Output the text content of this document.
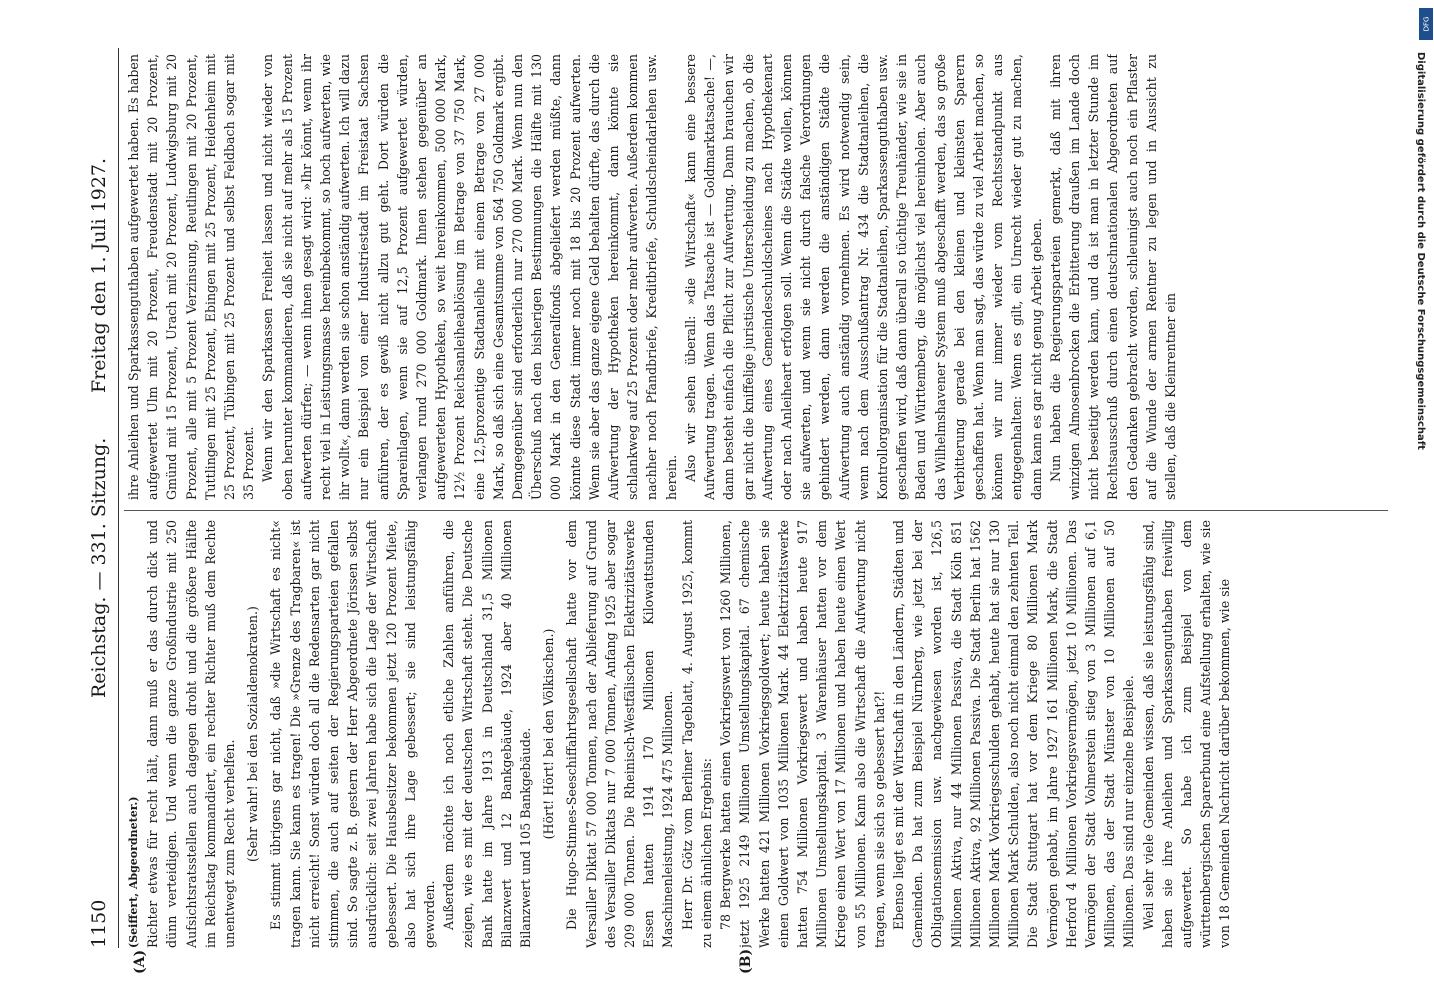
1150
Reichstag. — 331. Sitzung.
Freitag den 1. Juli 1927.

(Seiffert, Abgeordneter.) Richter etwas für recht hält, dann muß er das durch dick und dünn verteidigen. Und wenn die ganze Großindustrie mit 250 Aufsichtsratsstellen auch dagegen droht und die größere Hälfte im Reichstag kommandiert, ein rechter Richter muß dem Rechte unentwegt zum Recht verhelfen. (Sehr wahr! bei den Sozialdemokraten.) Es stimmt übrigens gar nicht, daß »die Wirtschaft es nicht« tragen kann. Sie kann es tragen! Die »Grenze des Tragbaren« ist nicht erreicht! Sonst würden doch all die Redensarten gar nicht stimmen, die auch auf seiten der Regierungsparteien gefallen sind. So sagte z. B. gestern der Herr Abgeordnete Jörissen selbst ausdrücklich: seit zwei Jahren habe sich die Lage der Wirtschaft gebessert. Die Hausbesitzer bekommen jetzt 120 Prozent Miete, also hat sich ihre Lage gebessert; sie sind leistungsfähig geworden. Außerdem möchte ich noch etliche Zahlen anführen, die zeigen, wie es mit der deutschen Wirtschaft steht. Die Deutsche Bank hatte im Jahre 1913 in Deutschland 31,5 Millionen Bilanzwert und 12 Bankgebäude, 1924 aber 40 Millionen Bilanzwert und 105 Bankgebäude. (Hört! Hört! bei den Völkischen.) Die Hugo-Stinnes-Seeschiffahrtsgesellschaft hatte vor dem Versailler Diktat 57 000 Tonnen, nach der Ablieferung auf Grund des Versailler Diktats nur 7 000 Tonnen, Anfang 1925 aber sogar 209 000 Tonnen. Die Rheinisch-Westfälischen Elektrizitätswerke Essen hatten 1914 170 Millionen Kilowattstunden Maschinenleistung, 1924 475 Millionen. Herr Dr. Götz vom Berliner Tageblatt, 4. August 1925, kommt zu einem ähnlichen Ergebnis: 78 Bergwerke hatten einen Vorkriegswert von 1260 Millionen, jetzt 1925 2149 Millionen Umstellungskapital. 67 chemische Werke hatten 421 Millionen Vorkriegsgoldwert; heute haben sie einen Goldwert von 1035 Millionen Mark. 44 Elektrizitätswerke hatten 754 Millionen Vorkriegswert und haben heute 917 Millionen Umstellungskapital. 3 Warenhäuser hatten vor dem Kriege einen Wert von 17 Millionen und haben heute einen Wert von 55 Millionen. Kann also die Wirtschaft die Aufwertung nicht tragen, wenn sie sich so gebessert hat?! Ebenso liegt es mit der Wirtschaft in den Ländern, Städten und Gemeinden. Da hat zum Beispiel Nürnberg, wie jetzt bei der Obligationsemission usw. nachgewiesen worden ist, 126,5 Millionen Aktiva, nur 44 Millionen Passiva, die Stadt Köln 851 Millionen Aktiva, 92 Millionen Passiva. Die Stadt Berlin hat 1562 Millionen Mark Vorkriegsschulden gehabt, heute hat sie nur 130 Millionen Mark Schulden, also noch nicht einmal den zehnten Teil. Die Stadt Stuttgart hat vor dem Kriege 80 Millionen Mark Vermögen gehabt, im Jahre 1927 161 Millionen Mark, die Stadt Herford 4 Millionen Vorkriegsvermögen, jetzt 10 Millionen. Das Vermögen der Stadt Volmerstein stieg von 3 Millionen auf 6,1 Millionen, das der Stadt Münster von 10 Millionen auf 50 Millionen. Das sind nur einzelne Beispiele. Weil sehr viele Gemeinden wissen, daß sie leistungsfähig sind, haben sie ihre Anleihen und Sparkassenguthaben freiwillig aufgewertet. So habe ich zum Beispiel von dem württembergischen Sparerbund eine Aufstellung erhalten, wie sie von 18 Gemeinden Nachricht darüber bekommen, wie sie

ihre Anleihen und Sparkassenguthaben aufgewertet haben. Es haben aufgewertet Ulm mit 20 Prozent, Freudenstadt mit 20 Prozent, Gmünd mit 15 Prozent, Urach mit 20 Prozent, Ludwigsburg mit 20 Prozent, alle mit 5 Prozent Verzinsung, Reutlingen mit 20 Prozent, Tuttlingen mit 25 Prozent, Ebingen mit 25 Prozent, Heidenheim mit 25 Prozent, Tübingen mit 25 Prozent und selbst Feldbach sogar mit 35 Prozent. Wenn wir den Sparkassen Freiheit lassen und nicht wieder von oben herunter kommandieren, daß sie nicht auf mehr als 15 Prozent aufwerten dürfen; — wenn ihnen gesagt wird: »Ihr könnt, wenn ihr recht viel in Leistungsmasse hereinbekommt, so hoch aufwerten, wie ihr wollt«, dann werden sie schon anständig aufwerten. Ich will dazu nur ein Beispiel von einer Industriestadt im Freistaat Sachsen anführen, der es gewiß nicht allzu gut geht. Dort würden die Spareinlagen, wenn sie auf 12,5 Prozent aufgewertet würden, verlangen rund 270 000 Goldmark. Ihnen stehen gegenüber an aufgewerteten Hypotheken, so weit hereinkommen, 500 000 Mark, 12½ Prozent Reichsanleiheablösung im Betrage von 37 750 Mark, eine 12,5prozentige Stadtanleihe mit einem Betrage von 27 000 Mark, so daß sich eine Gesamtsumme von 564 750 Goldmark ergibt. Demgegenüber sind erforderlich nur 270 000 Mark. Wenn nun den Überschuß nach den bisherigen Bestimmungen die Hälfte mit 130 000 Mark in den Generalfonds abgeliefert werden müßte, dann könnte diese Stadt immer noch mit 18 bis 20 Prozent aufwerten. Wenn sie aber das ganze eigene Geld behalten dürfte, das durch die Aufwertung der Hypotheken hereinkommt, dann könnte sie schlankweg auf 25 Prozent oder mehr aufwerten. Außerdem kommen nachher noch Pfandbriefe, Kreditbriefe, Schuldscheindarlehen usw. herein. Also wir sehen überall: »die Wirtschaft« kann eine bessere Aufwertung tragen. Wenn das Tatsache ist — Goldmarktatsache! —, dann besteht einfach die Pflicht zur Aufwertung. Dann brauchen wir gar nicht die kniffelige juristische Unterscheidung zu machen, ob die Aufwertung eines Gemeindeschuldscheines nach Hypothekenart oder nach Anleiheart erfolgen soll. Wenn die Städte wollen, können sie aufwerten, und wenn sie nicht durch falsche Verordnungen gehindert werden, dann werden die anständigen Städte die Aufwertung auch anständig vornehmen. Es wird notwendig sein, wenn nach dem Ausschußantrag Nr. 434 die Stadtanleihen, die Kontrollorganisation für die Stadtanleihen, Sparkassenguthaben usw. geschaffen wird, daß dann überall so tüchtige Treuhänder, wie sie in Baden und Württemberg, die möglichst viel hereinholen. Aber auch das Wilhelmshavener System muß abgeschafft werden, das so große Verbitterung gerade bei den kleinen und kleinsten Sparern geschaffen hat. Wenn man sagt, das würde zu viel Arbeit machen, so können wir nur immer wieder vom Rechtsstandpunkt aus entgegenhalten: Wenn es gilt, ein Unrecht wieder gut zu machen, dann kann es gar nicht genug Arbeit geben. Nun haben die Regierungsparteien gemerkt, daß mit ihren winzigen Almosenbrocken die Erbitterung draußen im Lande doch nicht beseitigt werden kann, und da ist man in letzter Stunde im Rechtsausschuß durch einen deutschnationalen Abgeordneten auf den Gedanken gebracht worden, schleunigst auch noch ein Pflaster auf die Wunde der armen Rentner zu legen und in Aussicht zu stellen, daß die Kleinrentner ein

(A)	(B)
DFG
Digitalisierung gefördert durch die Deutsche Forschungsgemeinschaft
